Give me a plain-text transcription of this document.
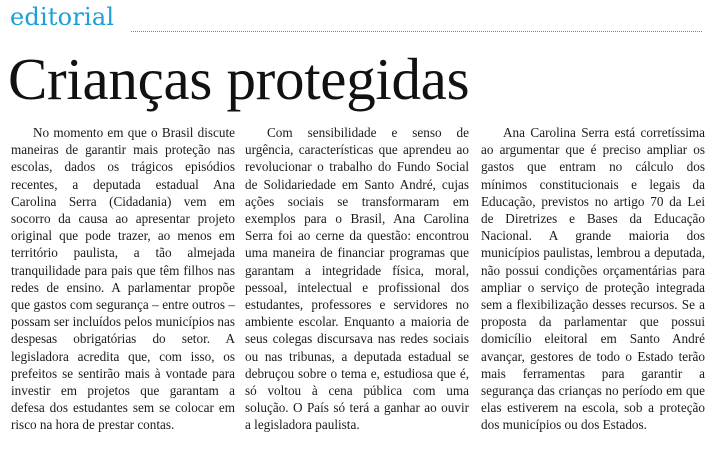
editorial
Crianças protegidas

No momento em que o Brasil discute maneiras de garantir mais proteção nas escolas, dados os trágicos episódios recentes, a deputada estadual Ana Carolina Serra (Cidadania) vem em socorro da causa ao apresentar projeto original que pode trazer, ao menos em território paulista, a tão almejada tranquilidade para pais que têm filhos nas redes de ensino. A parlamentar propõe que gastos com segurança – entre outros – possam ser incluídos pelos municípios nas despesas obrigatórias do setor. A legisladora acredita que, com isso, os prefeitos se sentirão mais à vontade para investir em projetos que garantam a defesa dos estudantes sem se colocar em risco na hora de prestar contas.

Com sensibilidade e senso de urgência, características que aprendeu ao revolucionar o trabalho do Fundo Social de Solidariedade em Santo André, cujas ações sociais se transformaram em exemplos para o Brasil, Ana Carolina Serra foi ao cerne da questão: encontrou uma maneira de financiar programas que garantam a integridade física, moral, pessoal, intelectual e profissional dos estudantes, professores e servidores no ambiente escolar. Enquanto a maioria de seus colegas discursava nas redes sociais ou nas tribunas, a deputada estadual se debruçou sobre o tema e, estudiosa que é, só voltou à cena pública com uma solução. O País só terá a ganhar ao ouvir a legisladora paulista.

Ana Carolina Serra está corretíssima ao argumentar que é preciso ampliar os gastos que entram no cálculo dos mínimos constitucionais e legais da Educação, previstos no artigo 70 da Lei de Diretrizes e Bases da Educação Nacional. A grande maioria dos municípios paulistas, lembrou a deputada, não possui condições orçamentárias para ampliar o serviço de proteção integrada sem a flexibilização desses recursos. Se a proposta da parlamentar que possui domicílio eleitoral em Santo André avançar, gestores de todo o Estado terão mais ferramentas para garantir a segurança das crianças no período em que elas estiverem na escola, sob a proteção dos municípios ou dos Estados.
